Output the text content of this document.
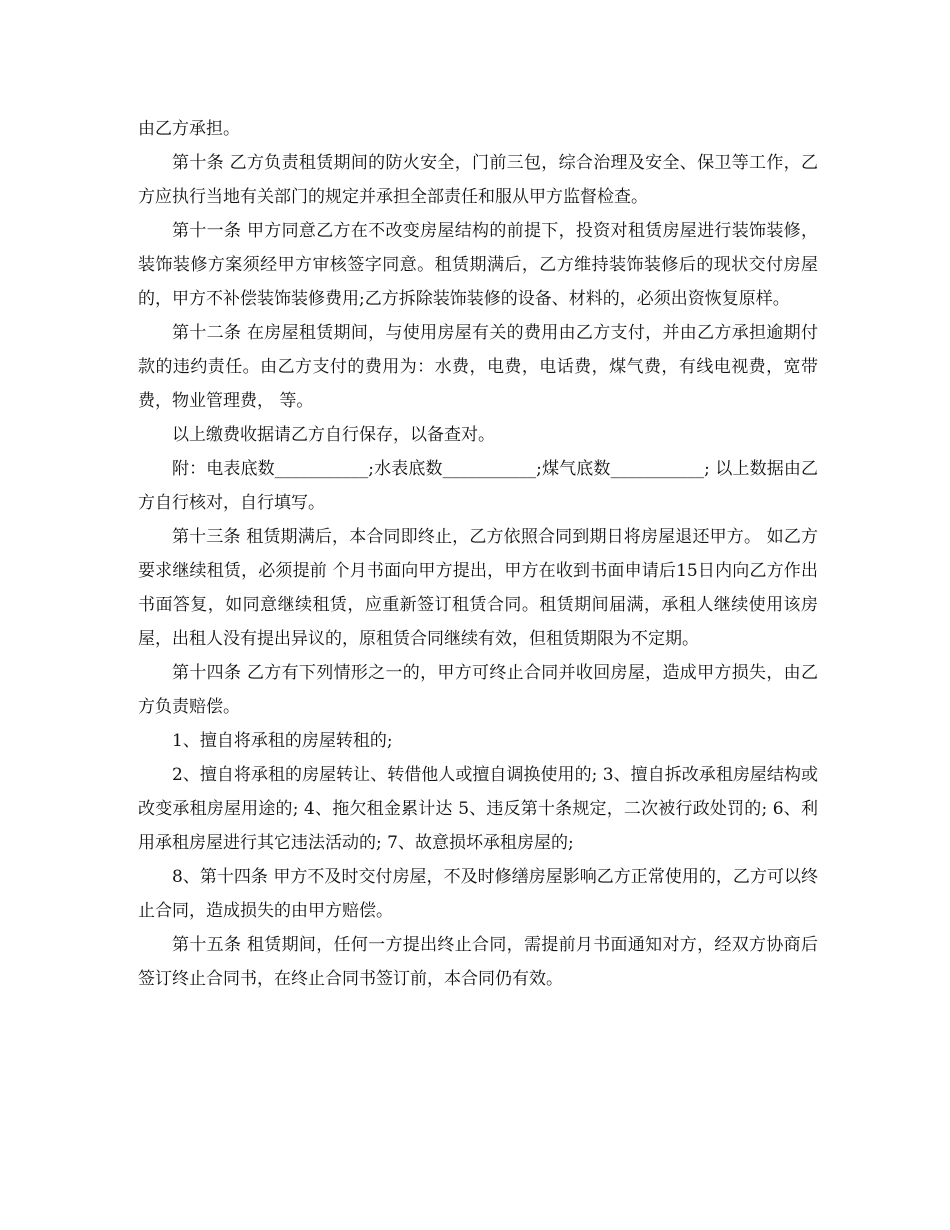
由乙方承担。

第十条 乙方负责租赁期间的防火安全，门前三包，综合治理及安全、保卫等工作，乙方应执行当地有关部门的规定并承担全部责任和服从甲方监督检查。

第十一条 甲方同意乙方在不改变房屋结构的前提下，投资对租赁房屋进行装饰装修，装饰装修方案须经甲方审核签字同意。租赁期满后，乙方维持装饰装修后的现状交付房屋的，甲方不补偿装饰装修费用;乙方拆除装饰装修的设备、材料的，必须出资恢复原样。

第十二条 在房屋租赁期间，与使用房屋有关的费用由乙方支付，并由乙方承担逾期付款的违约责任。由乙方支付的费用为：水费，电费，电话费，煤气费，有线电视费，宽带费，物业管理费， 等。

以上缴费收据请乙方自行保存，以备查对。

附：电表底数___________;水表底数___________;煤气底数___________; 以上数据由乙方自行核对，自行填写。

第十三条 租赁期满后，本合同即终止，乙方依照合同到期日将房屋退还甲方。 如乙方要求继续租赁，必须提前 个月书面向甲方提出，甲方在收到书面申请后15日内向乙方作出书面答复，如同意继续租赁，应重新签订租赁合同。租赁期间届满，承租人继续使用该房屋，出租人没有提出异议的，原租赁合同继续有效，但租赁期限为不定期。

第十四条 乙方有下列情形之一的，甲方可终止合同并收回房屋，造成甲方损失，由乙方负责赔偿。

1、擅自将承租的房屋转租的;

2、擅自将承租的房屋转让、转借他人或擅自调换使用的; 3、擅自拆改承租房屋结构或改变承租房屋用途的; 4、拖欠租金累计达 5、违反第十条规定，二次被行政处罚的; 6、利用承租房屋进行其它违法活动的; 7、故意损坏承租房屋的;

8、第十四条 甲方不及时交付房屋，不及时修缮房屋影响乙方正常使用的，乙方可以终止合同，造成损失的由甲方赔偿。

第十五条 租赁期间，任何一方提出终止合同，需提前月书面通知对方，经双方协商后签订终止合同书，在终止合同书签订前，本合同仍有效。
